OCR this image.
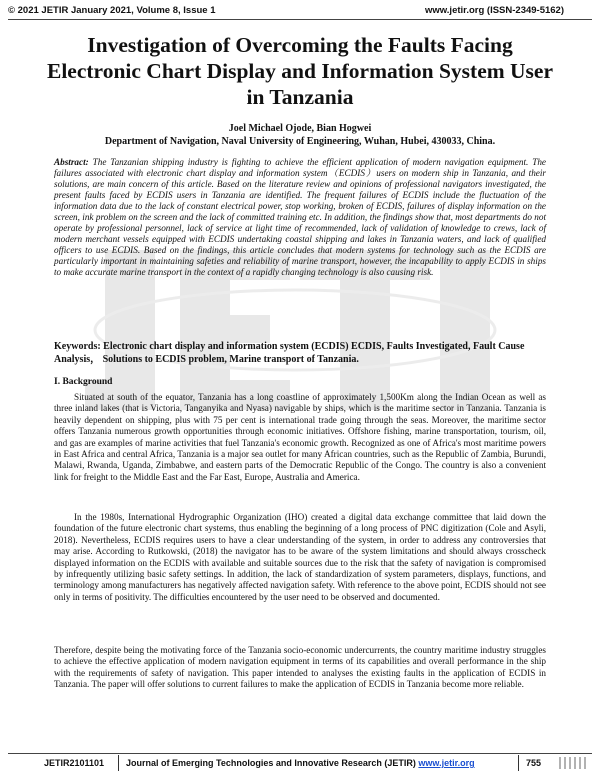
© 2021 JETIR January 2021, Volume 8, Issue 1	www.jetir.org (ISSN-2349-5162)
Investigation of Overcoming the Faults Facing Electronic Chart Display and Information System User in Tanzania
Joel Michael Ojode, Bian Hogwei
Department of Navigation, Naval University of Engineering, Wuhan, Hubei, 430033, China.
Abstract: The Tanzanian shipping industry is fighting to achieve the efficient application of modern navigation equipment. The failures associated with electronic chart display and information system（ECDIS）users on modern ship in Tanzania, and their solutions, are main concern of this article. Based on the literature review and opinions of professional navigators investigated, the present faults faced by ECDIS users in Tanzania are identified. The frequent failures of ECDIS include the fluctuation of the information data due to the lack of constant electrical power, stop working, broken of ECDIS, failures of display information on the screen, ink problem on the screen and the lack of committed training etc. In addition, the findings show that, most departments do not operate by professional personnel, lack of service at light time of recommended, lack of validation of knowledge to crews, lack of modern merchant vessels equipped with ECDIS undertaking coastal shipping and lakes in Tanzania waters, and lack of qualified officers to use ECDIS. Based on the findings, this article concludes that modern systems for technology such as the ECDIS are particularly important in maintaining safeties and reliability of marine transport, however, the incapability to apply ECDIS in ships to make accurate marine transport in the context of a rapidly changing technology is also causing risk.
Keywords: Electronic chart display and information system (ECDIS) ECDIS, Faults Investigated, Fault Cause Analysis， Solutions to ECDIS problem, Marine transport of Tanzania.
I. Background
Situated at south of the equator, Tanzania has a long coastline of approximately 1,500Km along the Indian Ocean as well as three inland lakes (that is Victoria, Tanganyika and Nyasa) navigable by ships, which is the maritime sector in Tanzania. Tanzania is heavily dependent on shipping, plus with 75 per cent is international trade going through the seas. Moreover, the maritime sector offers Tanzania numerous growth opportunities through economic initiatives. Offshore fishing, marine transportation, tourism, oil, and gas are examples of marine activities that fuel Tanzania's economic growth. Recognized as one of Africa's most maritime powers in East Africa and central Africa, Tanzania is a major sea outlet for many African countries, such as the Republic of Zambia, Burundi, Malawi, Rwanda, Uganda, Zimbabwe, and eastern parts of the Democratic Republic of the Congo. The country is also a convenient link for freight to the Middle East and the Far East, Europe, Australia and America.
In the 1980s, International Hydrographic Organization (IHO) created a digital data exchange committee that laid down the foundation of the future electronic chart systems, thus enabling the beginning of a long process of PNC digitization (Cole and Asyli, 2018). Nevertheless, ECDIS requires users to have a clear understanding of the system, in order to address any controversies that may arise. According to Rutkowski, (2018) the navigator has to be aware of the system limitations and should always crosscheck displayed information on the ECDIS with available and suitable sources due to the risk that the safety of navigation is compromised by infrequently utilizing basic safety settings. In addition, the lack of standardization of system parameters, displays, functions, and terminology among manufacturers has negatively affected navigation safety. With reference to the above point, ECDIS should not see only in terms of positivity. The difficulties encountered by the user need to be observed and documented.
Therefore, despite being the motivating force of the Tanzania socio-economic undercurrents, the country maritime industry struggles to achieve the effective application of modern navigation equipment in terms of its capabilities and overall performance in the ship with the requirements of safety of navigation. This paper intended to analyses the existing faults in the application of ECDIS in Tanzania. The paper will offer solutions to current failures to make the application of ECDIS in Tanzania become more reliable.
JETIR2101101 Journal of Emerging Technologies and Innovative Research (JETIR) www.jetir.org	755
